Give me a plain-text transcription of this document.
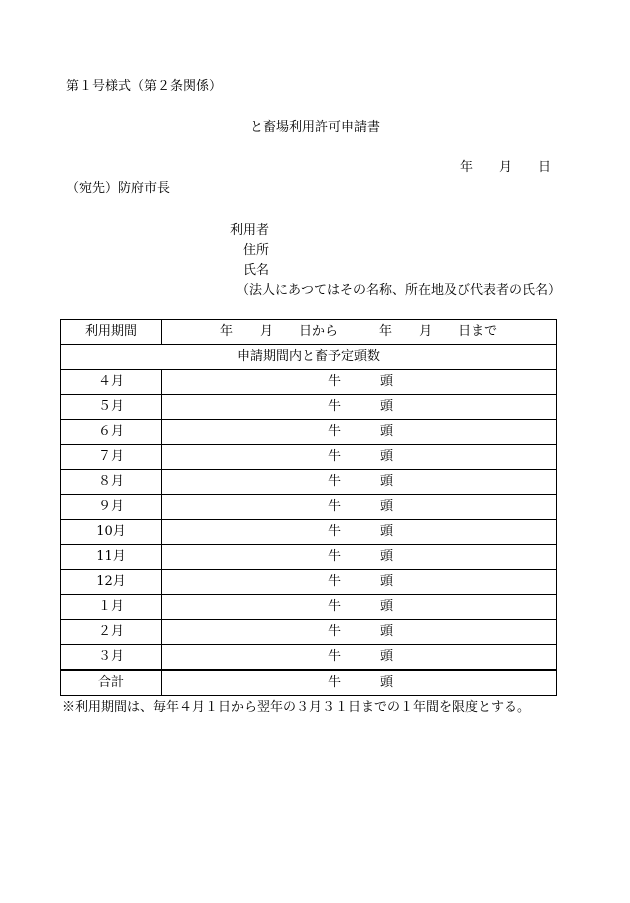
第１号様式（第２条関係）
と畜場利用許可申請書
年 月 日
（宛先）防府市長
利用者
住所
氏名
（法人にあつてはその名称、所在地及び代表者の氏名）
利用期間	年 月 日から 年 月 日まで
申請期間内と畜予定頭数	
４月	牛 頭
５月	牛 頭
６月	牛 頭
７月	牛 頭
８月	牛 頭
９月	牛 頭
10月	牛 頭
11月	牛 頭
12月	牛 頭
１月	牛 頭
２月	牛 頭
３月	牛 頭
合計	牛 頭
※利用期間は、毎年４月１日から翌年の３月３１日までの１年間を限度とする。
